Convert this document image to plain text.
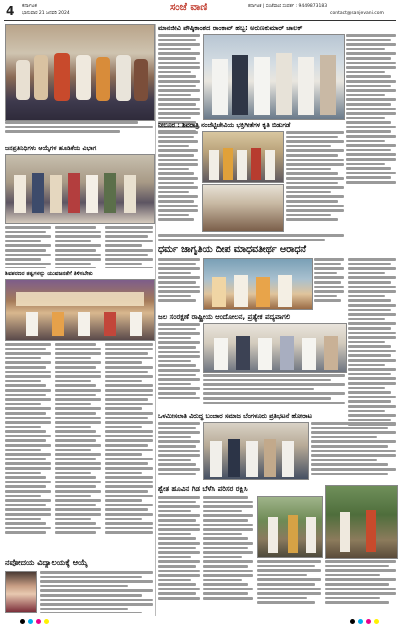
4	ಕರ್ನಾಟಕ
ಭಾನುವಾರ 21 ಜನವರಿ 2024
ಸಂಜೆ ವಾಣಿ	ಕರ್ನಾಟಕ | ಸಂಜೆವಾಣಿ ಸಂಪರ್ಕ : 9449873183
contact@sanjevani.com
ಜನಪ್ರತಿನಿಧಿಗಳು ಆಯ್ಕೆಗಳ ಹೂಡಿಕೆಯ ವಿಭಾಗ
ಶಿವಶರಣರ ತತ್ವಗಳನ್ನು ಯುವಜನತೆಗೆ ತಿಳಿಸಬೇಕು
ನವೋದಯ ವಿದ್ಯಾಲಯಕ್ಕೆ ಆಯ್ಕೆ
ಮಾನಜೀವಿ ಪೌಷ್ಠಿಕಾಂಶದ ರಾಂಕಾವ್ ಹಬ್ಬ: ಅರುಣಕುಮಾರ್ ಚಾಲಕ್
ನೀಲೂರ : ಶಿವರಾತ್ರಿ ನಂಜೆಟ್ಟಿಚೇವಿಯ ಭಕ್ತಿಗೀತೆಗಳ ಕೃತಿ ಬಿಡುಗಡೆ
ಧರ್ಮ ಜಾಗೃತಿಯ ದೀಪ ಮಾಧವತೀರ್ಥ ಆರಾಧನೆ
ಜಲ ಸಂರಕ್ಷಣೆ ರಾಷ್ಟ್ರೀಯ ಆಂದೋಲನ, ಪ್ರತ್ಯೇಕ ಪದ್ಯವಾಗಲಿ
ಒಳಮೀಸಲಾತಿ ವಿರುದ್ಧ ಬಂಜಾರ ಸಮಾಜ ಬೆಂಗಳೂರು ಪ್ರತಿಭಟನೆ ಹೋರಾಟ
ಶ್ವೇತ ಹೂವಿನ ಗಿಡ ಬೆಳೆಸಿ ಪರಿಸರ ರಕ್ಷಿಸಿ
